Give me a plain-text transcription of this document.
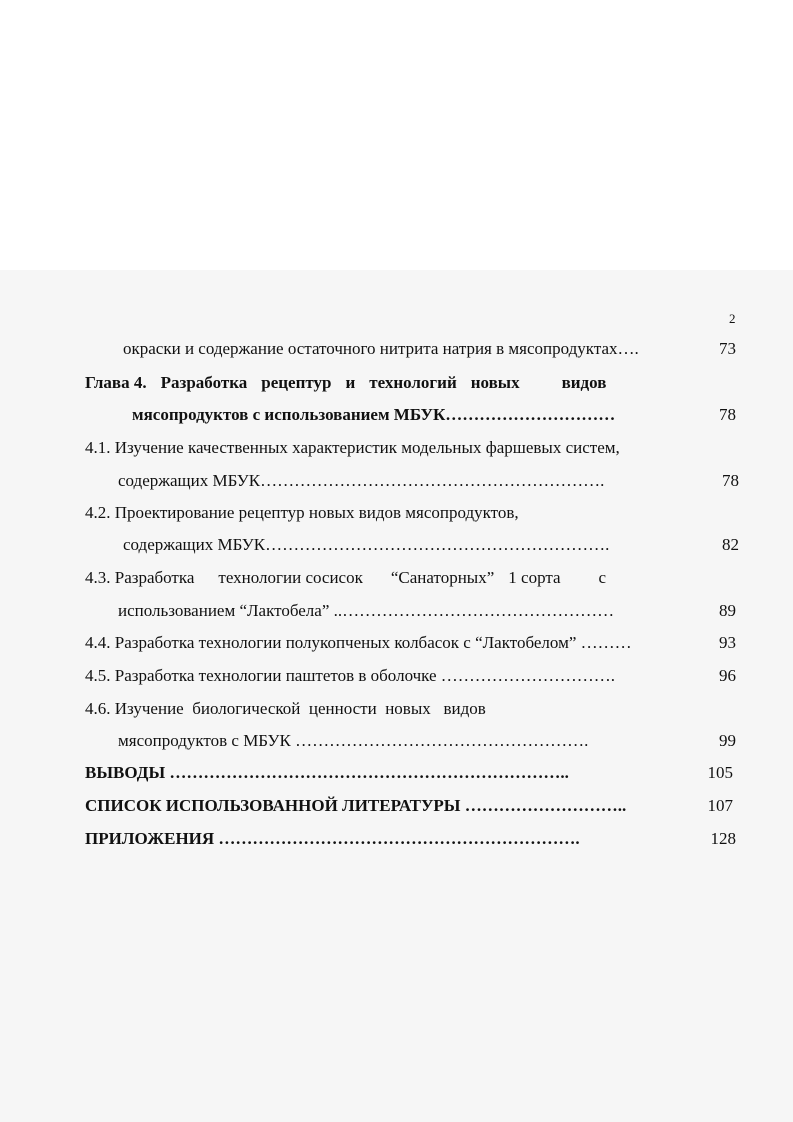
2
окраски и содержание остаточного нитрита натрия в мясопродуктах….	73
Глава 4. Разработка рецептур и технологий новых видов
мясопродуктов с использованием МБУК…………………………	78
4.1. Изучение качественных характеристик модельных фаршевых систем,
содержащих МБУК…………………………………………………….	78
4.2. Проектирование рецептур новых видов мясопродуктов,
содержащих МБУК…………………………………………………….	82
4.3. Разработка технологии сосисок “Санаторных” 1 сорта с
использованием “Лактобела” ..…………………………………………	89
4.4. Разработка технологии полукопченых колбасок с “Лактобелом” ………	93
4.5. Разработка технологии паштетов в оболочке ………………………….	96
4.6. Изучение  биологической  ценности  новых   видов
мясопродуктов с МБУК …………………………………………….	99
ВЫВОДЫ ……………………………………………………………..	105
СПИСОК ИСПОЛЬЗОВАННОЙ ЛИТЕРАТУРЫ ………………………..	107
ПРИЛОЖЕНИЯ ……………………………………………………….	128
